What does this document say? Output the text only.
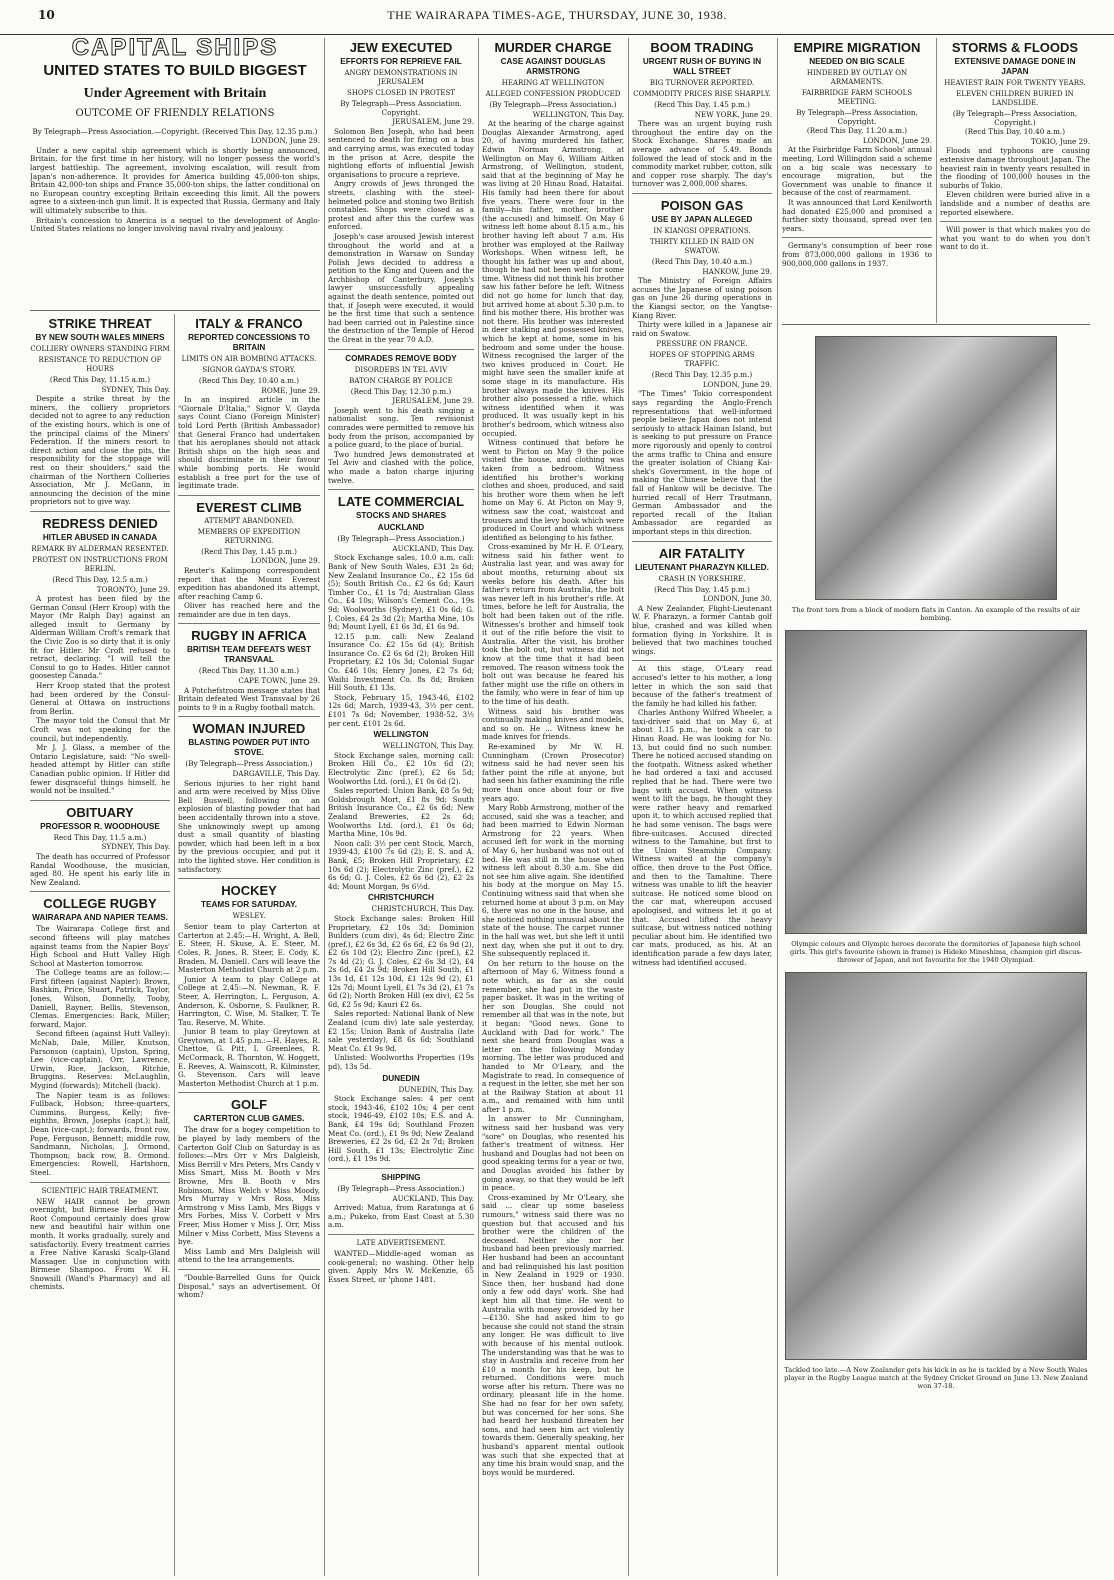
10	THE WAIRARAPA TIMES-AGE, THURSDAY, JUNE 30, 1938.
CAPITAL SHIPS
UNITED STATES TO BUILD BIGGEST
Under Agreement with Britain
OUTCOME OF FRIENDLY RELATIONS

By Telegraph—Press Association.—Copyright. (Received This Day, 12.35 p.m.)

LONDON, June 29.

Under a new capital ship agreement which is shortly being announced, Britain, for the first time in her history, will no longer possess the world's largest battleship. The agreement, involving escalation, will result from Japan's non-adherence. It provides for America building 45,000-ton ships, Britain 42,000-ton ships and France 35,000-ton ships, the latter conditional on no European country excepting Britain exceeding this limit. All the powers agree to a sixteen-inch gun limit. It is expected that Russia, Germany and Italy will ultimately subscribe to this.

Britain's concession to America is a sequel to the development of Anglo-United States relations no longer involving naval rivalry and jealousy.

STRIKE THREAT
BY NEW SOUTH WALES MINERS
COLLIERY OWNERS STANDING FIRM
RESISTANCE TO REDUCTION OF HOURS

(Recd This Day, 11.15 a.m.)

SYDNEY, This Day.

Despite a strike threat by the miners, the colliery proprietors decided not to agree to any reduction of the existing hours, which is one of the principal claims of the Miners' Federation. If the miners resort to direct action and close the pits, the responsibility for the stoppage will rest on their shoulders," said the chairman of the Northern Collieries Association, Mr J. McGann, in announcing the decision of the mine proprietors not to give way.

REDRESS DENIED
HITLER ABUSED IN CANADA
REMARK BY ALDERMAN RESENTED.
PROTEST ON INSTRUCTIONS FROM BERLIN.

(Recd This Day, 12.5 a.m.)

TORONTO, June 29.

A protest has been filed by the German Consul (Herr Kroop) with the Mayor (Mr Ralph Day) against an alleged insult to Germany by Alderman William Croft's remark that the Civic Zoo is so dirty that it is only fit for Hitler. Mr Croft refused to retract, declaring: "I will tell the Consul to go to Hades. Hitler cannot goosestep Canada."

Herr Kroop stated that the protest had been ordered by the Consul-General at Ottawa on instructions from Berlin.

The mayor told the Consul that Mr Croft was not speaking for the council, but independently.

Mr J. J. Glass, a member of the Ontario Legislature, said: "No swell-headed attempt by Hitler can stifle Canadian public opinion. If Hitler did fewer disgraceful things himself, he would not be insulted."

OBITUARY
PROFESSOR R. WOODHOUSE

Recd This Day, 11.5 a.m.)

SYDNEY, This Day.

The death has occurred of Professor Randal Woodhouse, the musician, aged 80. He spent his early life in New Zealand.

COLLEGE RUGBY
WAIRARAPA AND NAPIER TEAMS.

The Wairarapa College first and second fifteens will play matches against teams from the Napier Boys' High School and Hutt Valley High School at Masterton tomorrow.

The College teams are as follow:—First fifteen (against Napier): Brown, Bashkin, Price, Stuart, Patrick, Taylor, Jones, Wilson, Donnelly, Tooby, Daniell, Rayner, Bellis, Stevenson, Clemas. Emergencies: Back, Miller; forward, Major.

Second fifteen (against Hutt Valley): McNab, Dale, Miller, Knutson, Parsonson (captain), Upston, Spring, Lee (vice-captain), Orr, Lawrence, Urwin, Rice, Jackson, Ritchie, Bruggins. Reserves: McLaughlin, Mygind (forwards); Mitchell (back).

The Napier team is as follows: Fullback, Hobson; three-quarters, Cummins, Burgess, Kelly; five-eighths, Brown, Josephs (capt.); half, Dean (vice-capt.); forwards, front row, Pope, Ferguson, Bennett; middle row, Sandmann, Nicholas, J. Ormond, Thompson; back row, B. Ormond. Emergencies: Rowell, Hartshorn, Steel.

SCIENTIFIC HAIR TREATMENT.

NEW HAIR cannot be grown overnight, but Birmese Herbal Hair Root Compound certainly does grow new and beautiful hair within one month. It works gradually, surely and satisfactorily. Every treatment carries a Free Native Karaski Scalp-Gland Massager. Use in conjunction with Birmese Shampoo. From W. H. Snowsill (Wand's Pharmacy) and all chemists.

ITALY & FRANCO
REPORTED CONCESSIONS TO BRITAIN
LIMITS ON AIR BOMBING ATTACKS.
SIGNOR GAYDA'S STORY.

(Recd This Day, 10.40 a.m.)

ROME, June 29.

In an inspired article in the "Giornale D'Italia," Signor V. Gayda says Count Ciano (Foreign Minister) told Lord Perth (British Ambassador) that General Franco had undertaken that his aeroplanes should not attack British ships on the high seas and should discriminate in their favour while bombing ports. He would establish a free port for the use of legitimate trade.

EVEREST CLIMB
ATTEMPT ABANDONED.
MEMBERS OF EXPEDITION RETURNING.

(Recd This Day, 1.45 p.m.)

LONDON, June 29.

Reuter's Kalimpong correspondent report that the Mount Everest expedition has abandoned its attempt, after reaching Camp 6.

Oliver has reached here and the remainder are due in ten days.

RUGBY IN AFRICA
BRITISH TEAM DEFEATS WEST TRANSVAAL

(Recd This Day, 11.30 a.m.)

CAPE TOWN, June 29.

A Potchefstroom message states that Britain defeated West Transvaal by 26 points to 9 in a Rugby football match.

WOMAN INJURED
BLASTING POWDER PUT INTO STOVE.

(By Telegraph—Press Association.)

DARGAVILLE, This Day.

Serious injuries to her right hand and arm were received by Miss Olive Bell Buswell, following on an explosion of blasting powder that had been accidentally thrown into a stove. She unknowingly swept up among dust a small quantity of blasting powder, which had been left in a box by the previous occupier, and put it into the lighted stove. Her condition is satisfactory.

HOCKEY
TEAMS FOR SATURDAY.
WESLEY.

Senior team to play Carterton at Carterton at 2.45:—H. Wright, A. Bell, E. Steer, H. Skuse, A. E. Steer, M. Coles, R. Jones, R. Steer, E. Cody, K. Braden. M. Daniell. Cars will leave the Masterton Methodist Church at 2 p.m.

Junior A team to play College at College at 2.45:—N. Newman, R. F. Steer, A. Herrington, L. Ferguson, A. Anderson, K. Osborne, S. Faulkner, R. Harrington, C. Wise, M. Stalker, T. Te Tau. Reserve, M. White.

Junior B team to play Greytown at Greytown, at 1.45 p.m.:—H. Hayes, R. Chettoe, G. Pitt, I. Greenlees, R. McCormack, R. Thornton, W. Hoggett, E. Reeves, A. Wainscott, R. Kilminster, G. Stevenson. Cars will leave Masterton Methodist Church at 1 p.m.

GOLF
CARTERTON CLUB GAMES.

The draw for a bogey competition to be played by lady members of the Carterton Golf Club on Saturday is as follows:—Mrs Orr v Mrs Dalgleish, Miss Berrill v Mrs Peters, Mrs Candy v Miss Smart, Miss M. Booth v Mrs Browne, Mrs B. Booth v Mrs Robinson, Miss Welch v Miss Moody, Mrs Murray v Mrs Ross, Miss Armstrong v Miss Lamb, Mrs Biggs v Mrs Forbes, Miss V. Corbett v Mrs Freer, Miss Homer v Miss J. Orr, Miss Milner v Miss Corbett, Miss Stevens a bye.

Miss Lamb and Mrs Dalgleish will attend to the tea arrangements.

"Double-Barrelled Guns for Quick Disposal," says an advertisement. Of whom?

JEW EXECUTED
EFFORTS FOR REPRIEVE FAIL
ANGRY DEMONSTRATIONS IN JERUSALEM
SHOPS CLOSED IN PROTEST

By Telegraph—Press Association. Copyright.

JERUSALEM, June 29.

Solomon Ben Joseph, who had been sentenced to death for firing on a bus and carrying arms, was executed today in the prison at Acre, despite the nightlong efforts of influential Jewish organisations to procure a reprieve.

Angry crowds of Jews thronged the streets, clashing with the steel-helmeted police and stoning two British constables. Shops were closed as a protest and after this the curfew was enforced.

Joseph's case aroused Jewish interest throughout the world and at a demonstration in Warsaw on Sunday Polish Jews decided to address a petition to the King and Queen and the Archbishop of Canterbury. Joseph's lawyer unsuccessfully appealing against the death sentence, pointed out that, if Joseph were executed, it would be the first time that such a sentence had been carried out in Palestine since the destruction of the Temple of Herod the Great in the year 70 A.D.

COMRADES REMOVE BODY
DISORDERS IN TEL AVIV
BATON CHARGE BY POLICE

(Recd This Day, 12.30 p.m.)

JERUSALEM, June 29.

Joseph went to his death singing a nationalist song. Ten revisionist comrades were permitted to remove his body from the prison, accompanied by a police guard, to the place of burial.

Two hundred Jews demonstrated at Tel Aviv and clashed with the police, who made a baton charge injuring twelve.

LATE COMMERCIAL
STOCKS AND SHARES
AUCKLAND

(By Telegraph—Press Association.)

AUCKLAND, This Day.

Stock Exchange sales, 10.0 a.m. call: Bank of New South Wales, £31 2s 6d; New Zealand Insurance Co., £2 15s 6d (5); South British Co., £2 6s 6d; Kauri Timber Co., £1 1s 7d; Australian Glass Co., £4 10s; Wilson's Cement Co., 19s 9d; Woolworths (Sydney), £1 0s 6d; G. J. Coles, £4 2s 3d (2); Martha Mine, 10s 9d; Mount Lyell, £1 6s 3d, £1 6s 9d.

12.15 p.m. call: New Zealand Insurance Co. £2 15s 6d (4); British Insurance Co. £2 6s 6d (2); Broken Hill Proprietary, £2 10s 3d; Colonial Sugar Co. £46 10s; Henry Jones, £2 7s 6d; Waihi Investment Co. 8s 8d; Broken Hill South, £1 13s.

Stock, February 15, 1943-46, £102 12s 6d; March, 1939-43, 3½ per cent. £101 7s 6d; November, 1938-52, 3½ per cent. £101 2s 6d.

WELLINGTON

WELLINGTON, This Day.

Stock Exchange sales, morning call: Broken Hill Co., £2 10s 6d (2); Electrolytic Zinc (pref.), £2 6s 5d; Woolworths Ltd. (ord.), £1 0s 6d (2).

Sales reported: Union Bank, £8 5s 9d; Goldsbrough Mort, £1 8s 9d; South British Insurance Co., £2 6s 6d; New Zealand Breweries, £2 2s 6d; Woolworths Ltd. (ord.), £1 0s 6d; Martha Mine, 10s 9d.

Noon call: 3½ per cent Stock, March, 1939-43, £100 7s 6d (2); E. S. and A. Bank, £5; Broken Hill Proprietary, £2 10s 6d (2); Electrolytic Zinc (pref.), £2 6s 6d; G. J. Coles, £2 6s 6d (2), £2 2s 4d; Mount Morgan, 9s 6½d.

CHRISTCHURCH

CHRISTCHURCH, This Day.

Stock Exchange sales: Broken Hill Proprietary, £2 10s 3d; Dominion Builders (cum div), 4s 6d; Electro Zinc (pref.), £2 6s 3d, £2 6s 6d, £2 6s 9d (2), £2 6s 10d (2); Electro Zinc (pref.), £2 7s 4d (2); G. J. Coles, £2 6s 3d (2), £4 2s 6d, £4 2s 9d; Broken Hill South, £1 13s 1d, £1 12s 10d, £1 12s 9d (2), £1 12s 7d; Mount Lyell, £1 7s 3d (2), £1 7s 6d (2); North Broken Hill (ex div), £2 5s 6d, £2 5s 9d; Kauri £2 6s.

Sales reported: National Bank of New Zealand (cum div) late sale yesterday, £2 15s; Union Bank of Australia (late sale yesterday), £8 6s 6d; Southland Meat Co. £1 9s 9d.

Unlisted: Woolworths Properties (19s pd), 13s 5d.

DUNEDIN

DUNEDIN, This Day.

Stock Exchange sales: 4 per cent stock, 1943-46, £102 10s; 4 per cent stock, 1946-49, £102 10s; E.S. and A. Bank, £4 19s 6d; Southland Frozen Meat Co. (ord.), £1 9s 9d; New Zealand Breweries, £2 2s 6d, £2 2s 7d; Broken Hill South, £1 13s; Electrolytic Zinc (ord.), £1 19s 9d.

SHIPPING

(By Telegraph—Press Association.)

AUCKLAND, This Day.

Arrived: Matua, from Raratonga at 6 a.m.; Pukeko, from East Coast at 5.30 a.m.

LATE ADVERTISEMENT.

WANTED—Middle-aged woman as cook-general; no washing. Other help given. Apply Mrs W. McKenzie, 65 Essex Street, or 'phone 1481.

MURDER CHARGE
CASE AGAINST DOUGLAS ARMSTRONG
HEARING AT WELLINGTON
ALLEGED CONFESSION PRODUCED

(By Telegraph—Press Association.)

WELLINGTON, This Day.

At the hearing of the charge against Douglas Alexander Armstrong, aged 20, of having murdered his father, Edwin Norman Armstrong, at Wellington on May 6, William Aitken Armstrong, of Wellington, student, said that at the beginning of May he was living at 20 Hinau Road, Hataitai. His family had been there for about five years. There were four in the family—his father, mother, brother (the accused) and himself. On May 6 witness left home about 8.15 a.m., his brother having left about 7 a.m. His brother was employed at the Railway Workshops. When witness left, he thought his father was up and about, though he had not been well for some time. Witness did not think his brother saw his father before he left. Witness did not go home for lunch that day, but arrived home at about 5.30 p.m. to find his mother there. His brother was not there. His brother was interested in deer stalking and possessed knives, which he kept at home, some in his bedroom and some under the house. Witness recognised the larger of the two knives produced in Court. He might have seen the smaller knife at some stage in its manufacture. His brother always made the knives. His brother also possessed a rifle, which witness identified when it was produced. It was usually kept in his brother's bedroom, which witness also occupied.

Witness continued that before he went to Picton on May 9 the police visited the house, and clothing was taken from a bedroom. Witness identified his brother's working clothes and shoes, produced, and said his brother wore them when he left home on May 6. At Picton on May 9, witness saw the coat, waistcoat and trousers and the levy book which were produced in Court and which witness identified as belonging to his father.

Cross-examined by Mr H. F. O'Leary, witness said his father went to Australia last year, and was away for about months, returning about six weeks before his death. After his father's return from Australia, the bolt was never left in his brother's rifle. At times, before he left for Australia, the bolt had been taken out of the rifle. Witnesses's brother and himself took it out of the rifle before the visit to Australia. After the visit, his brother took the bolt out, but witness did not know at the time that it had been removed. The reason witness took the bolt out was because he feared his father might use the rifle on others in the family, who were in fear of him up to the time of his death.

Witness said his brother was continually making knives and models, and so on. He ... Witness knew he made knives for friends.

Re-examined by Mr W. H. Cunningham (Crown Prosecutor) witness said he had never seen his father point the rifle at anyone, but had seen his father examining the rifle more than once about four or five years ago.

Mary Robb Armstrong, mother of the accused, said she was a teacher, and had been married to Edwin Norman Armstrong for 22 years. When accused left for work in the morning of May 6, her husband was not out of bed. He was still in the house when witness left about 8.30 a.m. She did not see him alive again. She identified his body at the morgue on May 15. Continuing witness said that when she returned home at about 3 p.m. on May 6, there was no one in the house, and she noticed nothing unusual about the state of the house. The carpet runner in the hall was wet, but she left it until next day, when she put it out to dry. She subsequently replaced it.

On her return to the house on the afternoon of May 6, Witness found a note which, as far as she could remember, she had put in the waste paper basket. It was in the writing of her son Douglas. She could not remember all that was in the note, but it began: "Good news. Gone to Auckland with Dad for work." The next she heard from Douglas was a letter on the following Monday morning. The letter was produced and handed to Mr O'Leary, and the Magistrate to read. In consequence of a request in the letter, she met her son at the Railway Station at about 11 a.m., and remained with him until after 1 p.m.

In answer to Mr Cunningham, witness said her husband was very "sore" on Douglas, who resented his father's treatment of witness. Her husband and Douglas had not been on good speaking terms for a year or two, and Douglas avoided his father by going away, so that they would be left in peace.

Cross-examined by Mr O'Leary, she said ... clear up some baseless rumours," witness said there was no question but that accused and his brother were the children of the deceased. Neither she nor her husband had been previously married. Her husband had been an accountant and had relinquished his last position in New Zealand in 1929 or 1930. Since then, her husband had done only a few odd days' work. She had kept him all that time. He went to Australia with money provided by her—£130. She had asked him to go because she could not stand the strain any longer. He was difficult to live with because of his mental outlook. The understanding was that he was to stay in Australia and receive from her £10 a month for his keep, but he returned. Conditions were much worse after his return. There was no ordinary, pleasant life in the home. She had no fear for her own safety, but was concerned for her sons. She had heard her husband threaten her sons, and had seen him act violently towards them. Generally speaking, her husband's apparent mental outlook was such that she expected that at any time his brain would snap, and the boys would be murdered.

BOOM TRADING
URGENT RUSH OF BUYING IN WALL STREET
BIG TURNOVER REPORTED.
COMMODITY PRICES RISE SHARPLY.

(Recd This Day, 1.45 p.m.)

NEW YORK, June 29.

There was an urgent buying rush throughout the entire day on the Stock Exchange. Shares made an average advance of 5.49. Bonds followed the lead of stock and in the commodity market rubber, cotton, silk and copper rose sharply. The day's turnover was 2,000,000 shares.

POISON GAS
USE BY JAPAN ALLEGED
IN KIANGSI OPERATIONS.
THIRTY KILLED IN RAID ON SWATOW.

(Recd This Day, 10.40 a.m.)

HANKOW, June 29.

The Ministry of Foreign Affairs accuses the Japanese of using poison gas on June 26 during operations in the Kiangsi sector, on the Yangtse-Kiang River.

Thirty were killed in a Japanese air raid on Swatow.

PRESSURE ON FRANCE.
HOPES OF STOPPING ARMS TRAFFIC.

(Recd This Day, 12.35 p.m.)

LONDON, June 29.

"The Times" Tokio correspondent says regarding the Anglo-French representations that well-informed people believe Japan does not intend seriously to attack Hainan Island, but is seeking to put pressure on France more rigorously and openly to control the arms traffic to China and ensure the greater isolation of Chiang Kai-shek's Government, in the hope of making the Chinese believe that the fall of Hankow will be decisive. The hurried recall of Herr Trautmann, German Ambassador and the reported recall of the Italian Ambassador are regarded as important steps in this direction.

AIR FATALITY
LIEUTENANT PHARAZYN KILLED.
CRASH IN YORKSHIRE.

(Recd This Day, 1.45 p.m.)

LONDON, June 30.

A New Zealander, Flight-Lieutenant W. F. Pharazyn, a former Cantab golf blue, crashed and was killed when formation flying in Yorkshire. It is believed that two machines touched wings.

At this stage, O'Leary read accused's letter to his mother, a long letter in which the son said that because of the father's treatment of the family he had killed his father.

Charles Anthony Wilfred Wheeler, a taxi-driver said that on May 6, at about 1.15 p.m., he took a car to Hinau Road. He was looking for No. 13, but could find no such number. There he noticed accused standing on the footpath. Witness asked whether he had ordered a taxi and accused replied that he had. There were two bags with accused. When witness went to lift the bags, he thought they were rather heavy and remarked upon it, to which accused replied that he had some venison. The bags were fibre-suitcases. Accused directed witness to the Tamahine, but first to the Union Steamship Company. Witness waited at the company's office, then drove to the Post Office, and then to the Tamahine. There witness was unable to lift the heavier suitcase. He noticed some blood on the car mat, whereupon accused apologised, and witness let it go at that. Accused lifted the heavy suitcase, but witness noticed nothing peculiar about him. He identified two car mats, produced, as his. At an identification parade a few days later, witness had identified accused.

EMPIRE MIGRATION
NEEDED ON BIG SCALE
HINDERED BY OUTLAY ON ARMAMENTS.
FAIRBRIDGE FARM SCHOOLS MEETING.

By Telegraph—Press Association, Copyright.

(Recd This Day, 11.20 a.m.)

LONDON, June 29.

At the Fairbridge Farm Schools' annual meeting, Lord Willingdon said a scheme on a big scale was necessary to encourage migration, but the Government was unable to finance it because of the cost of rearmament.

It was announced that Lord Kenilworth had donated £25,000 and promised a further sixty thousand, spread over ten years.

Germany's consumption of beer rose from 873,000,000 gallons in 1936 to 900,000,000 gallons in 1937.

STORMS & FLOODS
EXTENSIVE DAMAGE DONE IN JAPAN
HEAVIEST RAIN FOR TWENTY YEARS.
ELEVEN CHILDREN BURIED IN LANDSLIDE.

(By Telegraph—Press Association, Copyright.)

(Recd This Day, 10.40 a.m.)

TOKIO, June 29.

Floods and typhoons are causing extensive damage throughout Japan. The heaviest rain in twenty years resulted in the flooding of 100,000 houses in the suburbs of Tokio.

Eleven children were buried alive in a landslide and a number of deaths are reported elsewhere.

Will power is that which makes you do what you want to do when you don't want to do it.

The front torn from a block of modern flats in Canton. An example of the results of air bombing.
Olympic colours and Olympic heroes decorate the dormitories of Japanese high school girls. This girl's favourite (shown in frame) is Hideko Mineshima, champion girl discus-thrower of Japan, and not favourite for the 1940 Olympiad.
Tackled too late.—A New Zealander gets his kick in as he is tackled by a New South Wales player in the Rugby League match at the Sydney Cricket Ground on June 13. New Zealand won 37-18.
